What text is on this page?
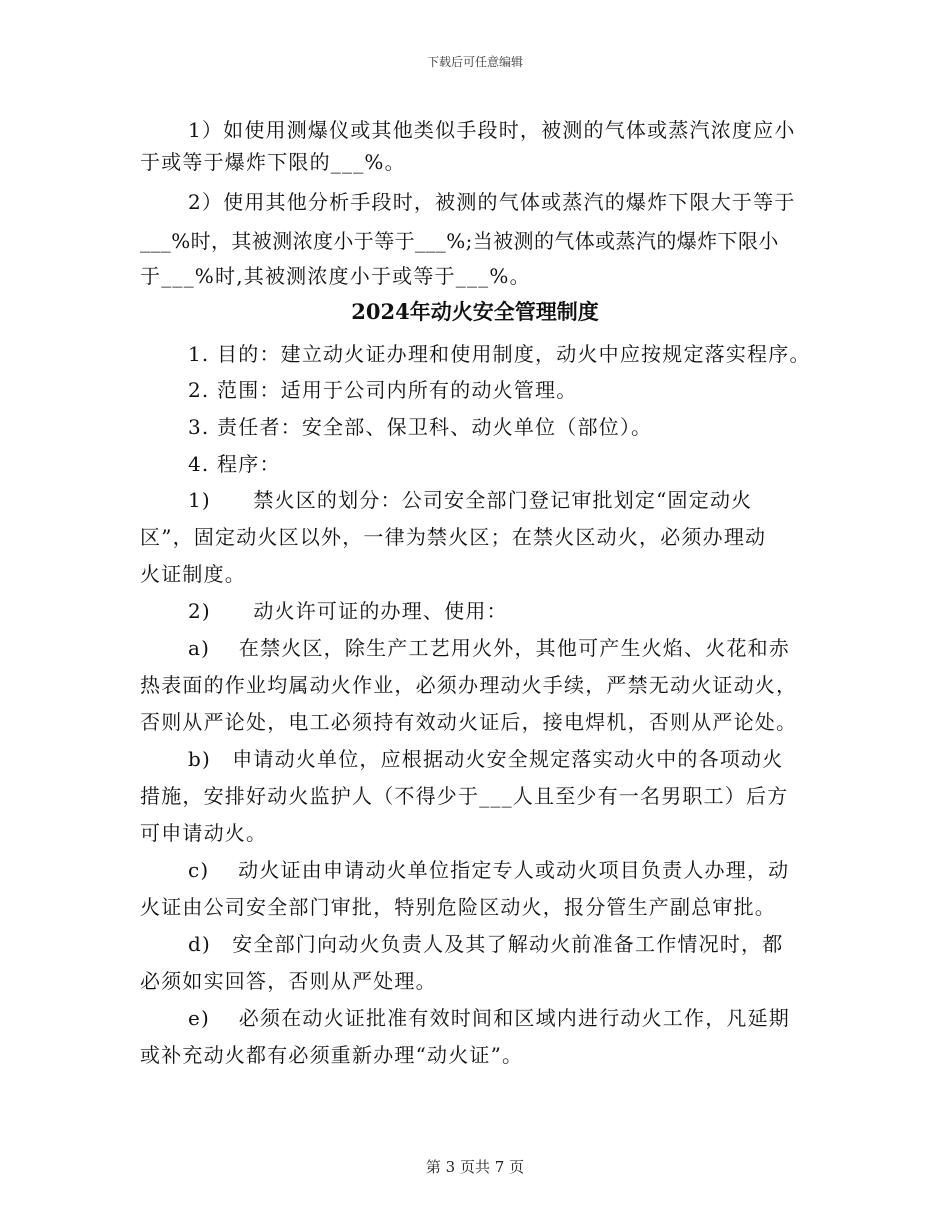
下载后可任意编辑
1）如使用测爆仪或其他类似手段时，被测的气体或蒸汽浓度应小
于或等于爆炸下限的___%。
2）使用其他分析手段时，被测的气体或蒸汽的爆炸下限大于等于
___%时，其被测浓度小于等于___%;当被测的气体或蒸汽的爆炸下限小
于___%时,其被测浓度小于或等于___%。
2024年动火安全管理制度
1. 目的：建立动火证办理和使用制度，动火中应按规定落实程序。
2. 范围：适用于公司内所有的动火管理。
3. 责任者：安全部、保卫科、动火单位（部位）。
4. 程序：
1)　　禁火区的划分：公司安全部门登记审批划定“固定动火
区”，固定动火区以外，一律为禁火区；在禁火区动火，必须办理动
火证制度。
2)　　动火许可证的办理、使用：
a)　 在禁火区，除生产工艺用火外，其他可产生火焰、火花和赤
热表面的作业均属动火作业，必须办理动火手续，严禁无动火证动火，
否则从严论处，电工必须持有效动火证后，接电焊机，否则从严论处。
b)　申请动火单位，应根据动火安全规定落实动火中的各项动火
措施，安排好动火监护人（不得少于___人且至少有一名男职工）后方
可申请动火。
c)　 动火证由申请动火单位指定专人或动火项目负责人办理，动
火证由公司安全部门审批，特别危险区动火，报分管生产副总审批。
d)　安全部门向动火负责人及其了解动火前准备工作情况时，都
必须如实回答，否则从严处理。
e)　 必须在动火证批准有效时间和区域内进行动火工作，凡延期
或补充动火都有必须重新办理“动火证”。
第 3 页共 7 页
